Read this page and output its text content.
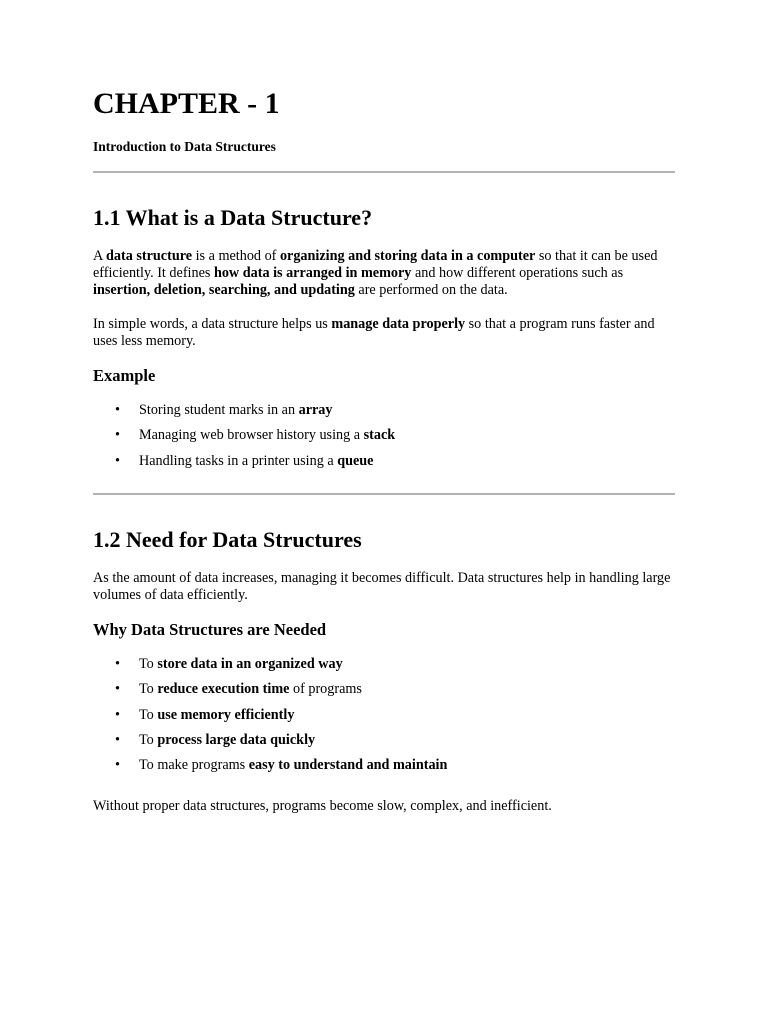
CHAPTER - 1
Introduction to Data Structures
1.1 What is a Data Structure?

A data structure is a method of organizing and storing data in a computer so that it can be used efficiently. It defines how data is arranged in memory and how different operations such as insertion, deletion, searching, and updating are performed on the data.

In simple words, a data structure helps us manage data properly so that a program runs faster and uses less memory.

Example
• Storing student marks in an array
• Managing web browser history using a stack
• Handling tasks in a printer using a queue
1.2 Need for Data Structures

As the amount of data increases, managing it becomes difficult. Data structures help in handling large volumes of data efficiently.

Why Data Structures are Needed
• To store data in an organized way
• To reduce execution time of programs
• To use memory efficiently
• To process large data quickly
• To make programs easy to understand and maintain

Without proper data structures, programs become slow, complex, and inefficient.
